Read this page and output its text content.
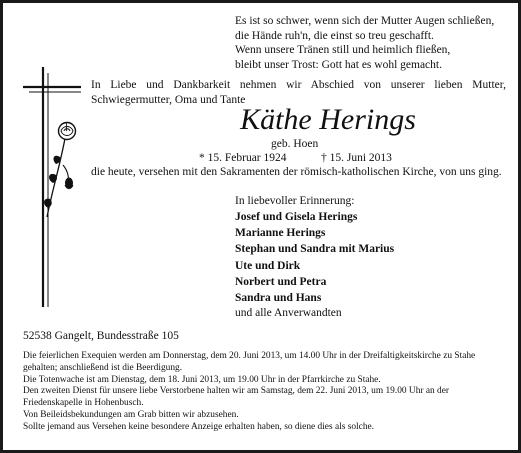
Es ist so schwer, wenn sich der Mutter Augen schließen,
die Hände ruh'n, die einst so treu geschafft.
Wenn unsere Tränen still und heimlich fließen,
bleibt unser Trost: Gott hat es wohl gemacht.
In Liebe und Dankbarkeit nehmen wir Abschied von unserer lieben Mutter, Schwiegermutter, Oma und Tante
Käthe Herings
geb. Hoen
* 15. Februar 1924	† 15. Juni 2013
die heute, versehen mit den Sakramenten der römisch-katholischen Kirche, von uns ging.
In liebevoller Erinnerung:
Josef und Gisela Herings
Marianne Herings
Stephan und Sandra mit Marius
Ute und Dirk
Norbert und Petra
Sandra und Hans
und alle Anverwandten
52538 Gangelt, Bundesstraße 105
Die feierlichen Exequien werden am Donnerstag, dem 20. Juni 2013, um 14.00 Uhr in der Dreifaltigkeitskirche zu Stahe gehalten; anschließend ist die Beerdigung.
Die Totenwache ist am Dienstag, dem 18. Juni 2013, um 19.00 Uhr in der Pfarrkirche zu Stahe.
Den zweiten Dienst für unsere liebe Verstorbene halten wir am Samstag, dem 22. Juni 2013, um 19.00 Uhr an der Friedenskapelle in Hohenbusch.
Von Beileidsbekundungen am Grab bitten wir abzusehen.
Sollte jemand aus Versehen keine besondere Anzeige erhalten haben, so diene dies als solche.
